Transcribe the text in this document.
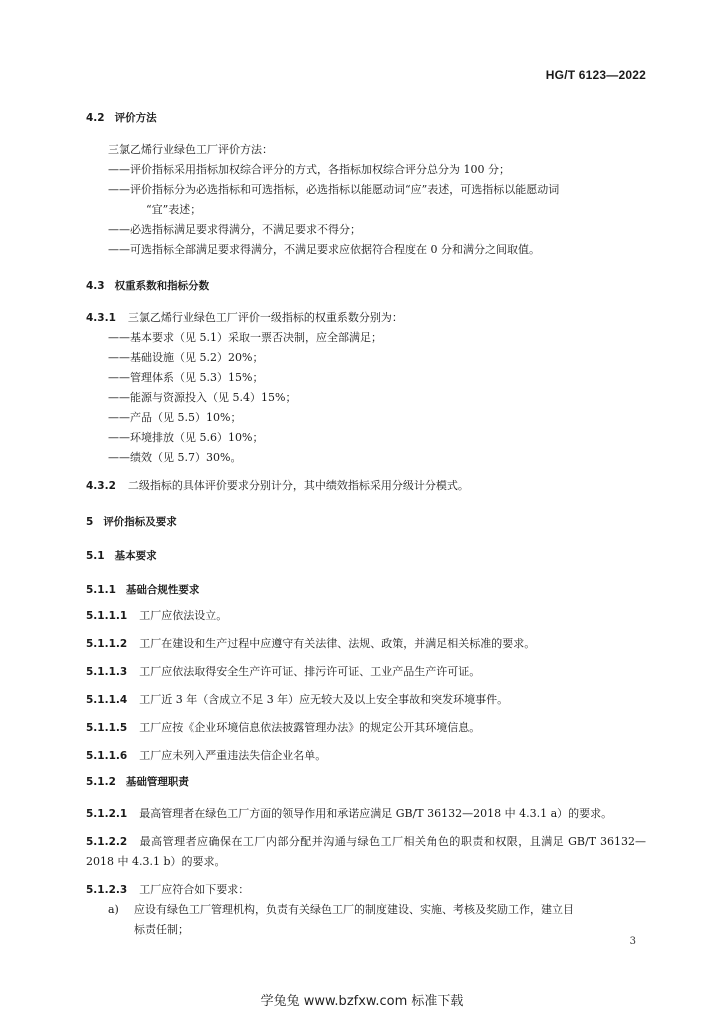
HG/T 6123—2022
4.2 评价方法
三氯乙烯行业绿色工厂评价方法：
——评价指标采用指标加权综合评分的方式，各指标加权综合评分总分为 100 分；
——评价指标分为必选指标和可选指标，必选指标以能愿动词“应”表述，可选指标以能愿动词
“宜”表述；
——必选指标满足要求得满分，不满足要求不得分；
——可选指标全部满足要求得满分，不满足要求应依据符合程度在 0 分和满分之间取值。
4.3 权重系数和指标分数
4.3.1 三氯乙烯行业绿色工厂评价一级指标的权重系数分别为：
——基本要求（见 5.1）采取一票否决制，应全部满足；
——基础设施（见 5.2）20%；
——管理体系（见 5.3）15%；
——能源与资源投入（见 5.4）15%；
——产品（见 5.5）10%；
——环境排放（见 5.6）10%；
——绩效（见 5.7）30%。
4.3.2 二级指标的具体评价要求分别计分，其中绩效指标采用分级计分模式。
5 评价指标及要求
5.1 基本要求
5.1.1 基础合规性要求
5.1.1.1 工厂应依法设立。
5.1.1.2 工厂在建设和生产过程中应遵守有关法律、法规、政策，并满足相关标准的要求。
5.1.1.3 工厂应依法取得安全生产许可证、排污许可证、工业产品生产许可证。
5.1.1.4 工厂近 3 年（含成立不足 3 年）应无较大及以上安全事故和突发环境事件。
5.1.1.5 工厂应按《企业环境信息依法披露管理办法》的规定公开其环境信息。
5.1.1.6 工厂应未列入严重违法失信企业名单。
5.1.2 基础管理职责
5.1.2.1 最高管理者在绿色工厂方面的领导作用和承诺应满足 GB/T 36132—2018 中 4.3.1 a）的要求。
5.1.2.2 最高管理者应确保在工厂内部分配并沟通与绿色工厂相关角色的职责和权限，且满足 GB/T 36132—2018 中 4.3.1 b）的要求。
5.1.2.3 工厂应符合如下要求：
a) 应设有绿色工厂管理机构，负责有关绿色工厂的制度建设、实施、考核及奖励工作，建立目
标责任制；
3
学兔兔 www.bzfxw.com 标准下载
